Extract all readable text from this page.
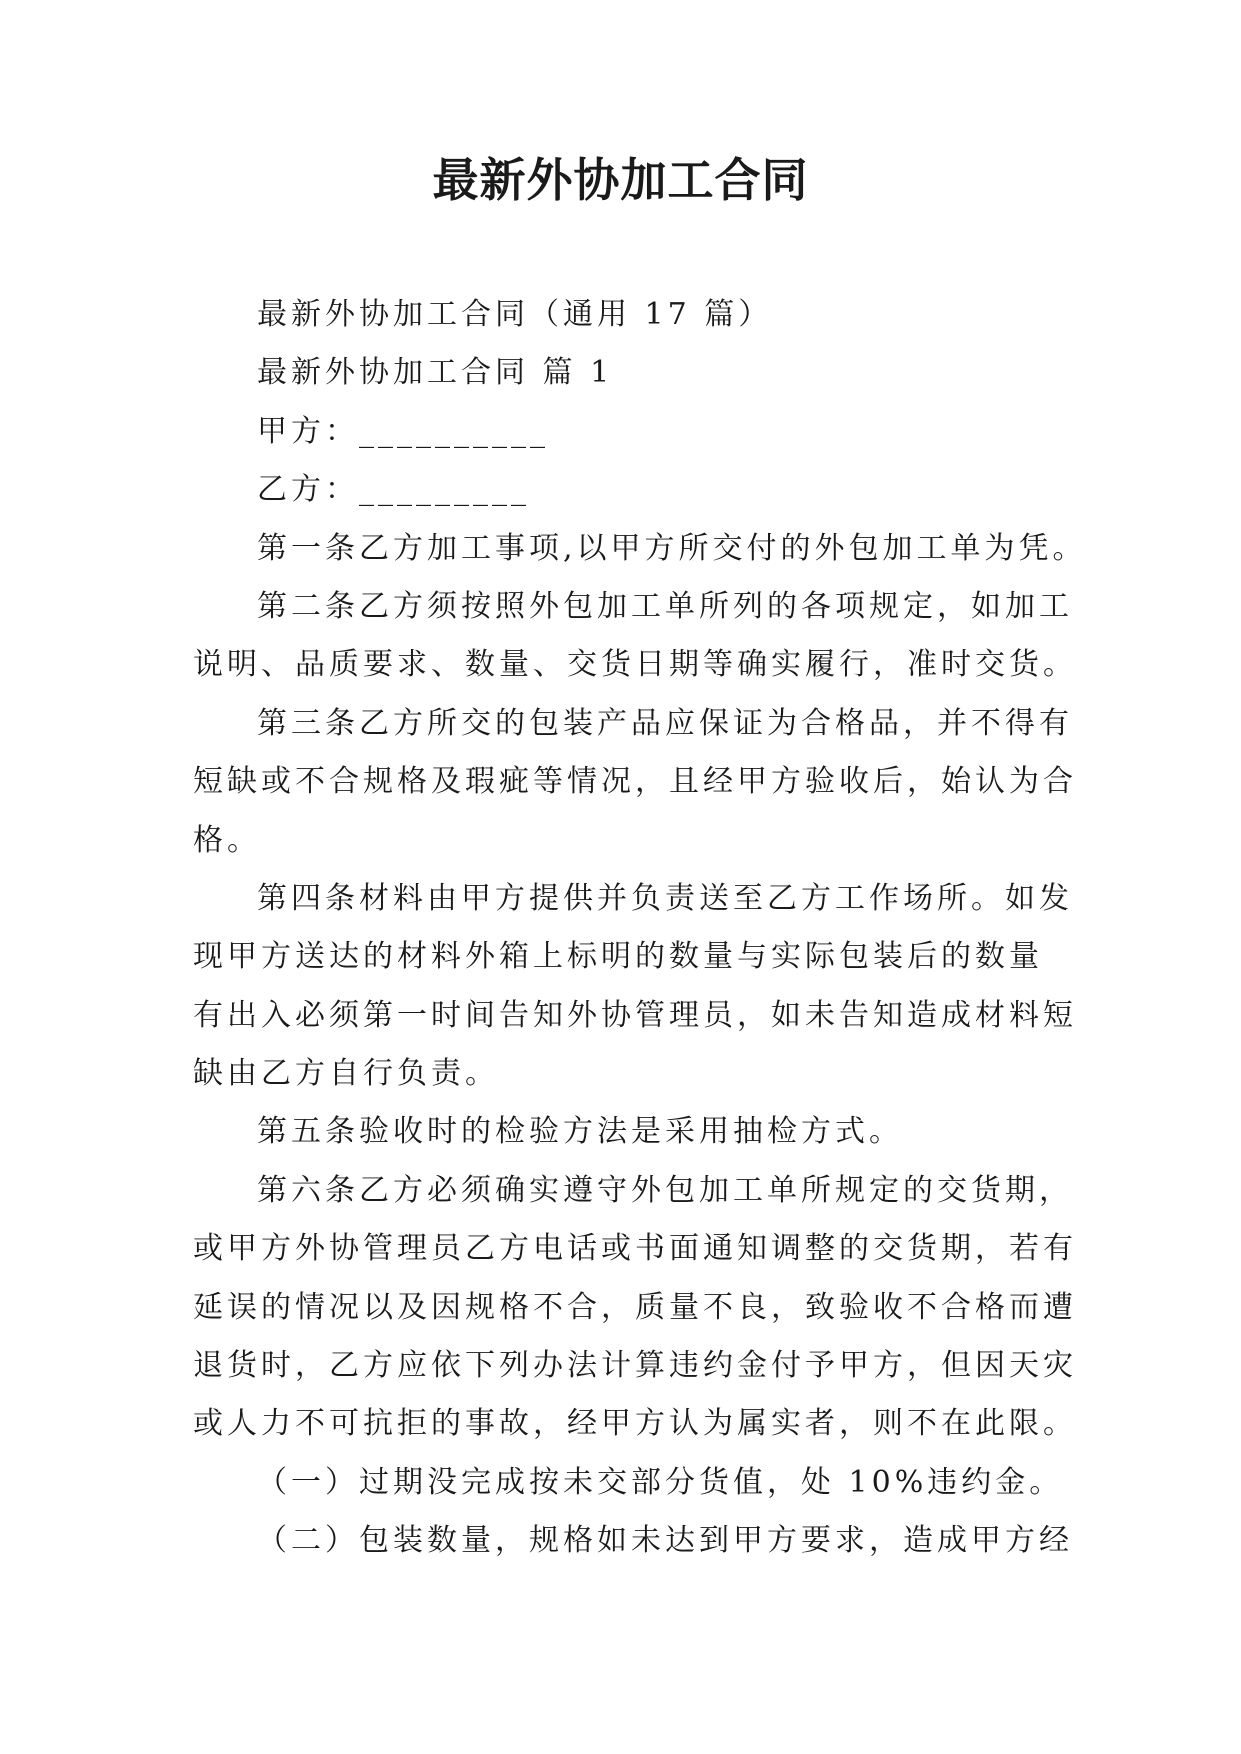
最新外协加工合同
最新外协加工合同（通用 17 篇）
最新外协加工合同 篇 1
甲方：__________
乙方：_________
第一条乙方加工事项,以甲方所交付的外包加工单为凭。
第二条乙方须按照外包加工单所列的各项规定，如加工
说明、品质要求、数量、交货日期等确实履行，准时交货。
第三条乙方所交的包装产品应保证为合格品，并不得有
短缺或不合规格及瑕疵等情况，且经甲方验收后，始认为合
格。
第四条材料由甲方提供并负责送至乙方工作场所。如发
现甲方送达的材料外箱上标明的数量与实际包装后的数量
有出入必须第一时间告知外协管理员，如未告知造成材料短
缺由乙方自行负责。
第五条验收时的检验方法是采用抽检方式。
第六条乙方必须确实遵守外包加工单所规定的交货期，
或甲方外协管理员乙方电话或书面通知调整的交货期，若有
延误的情况以及因规格不合，质量不良，致验收不合格而遭
退货时，乙方应依下列办法计算违约金付予甲方，但因天灾
或人力不可抗拒的事故，经甲方认为属实者，则不在此限。
（一）过期没完成按未交部分货值，处 10%违约金。
（二）包装数量，规格如未达到甲方要求，造成甲方经
